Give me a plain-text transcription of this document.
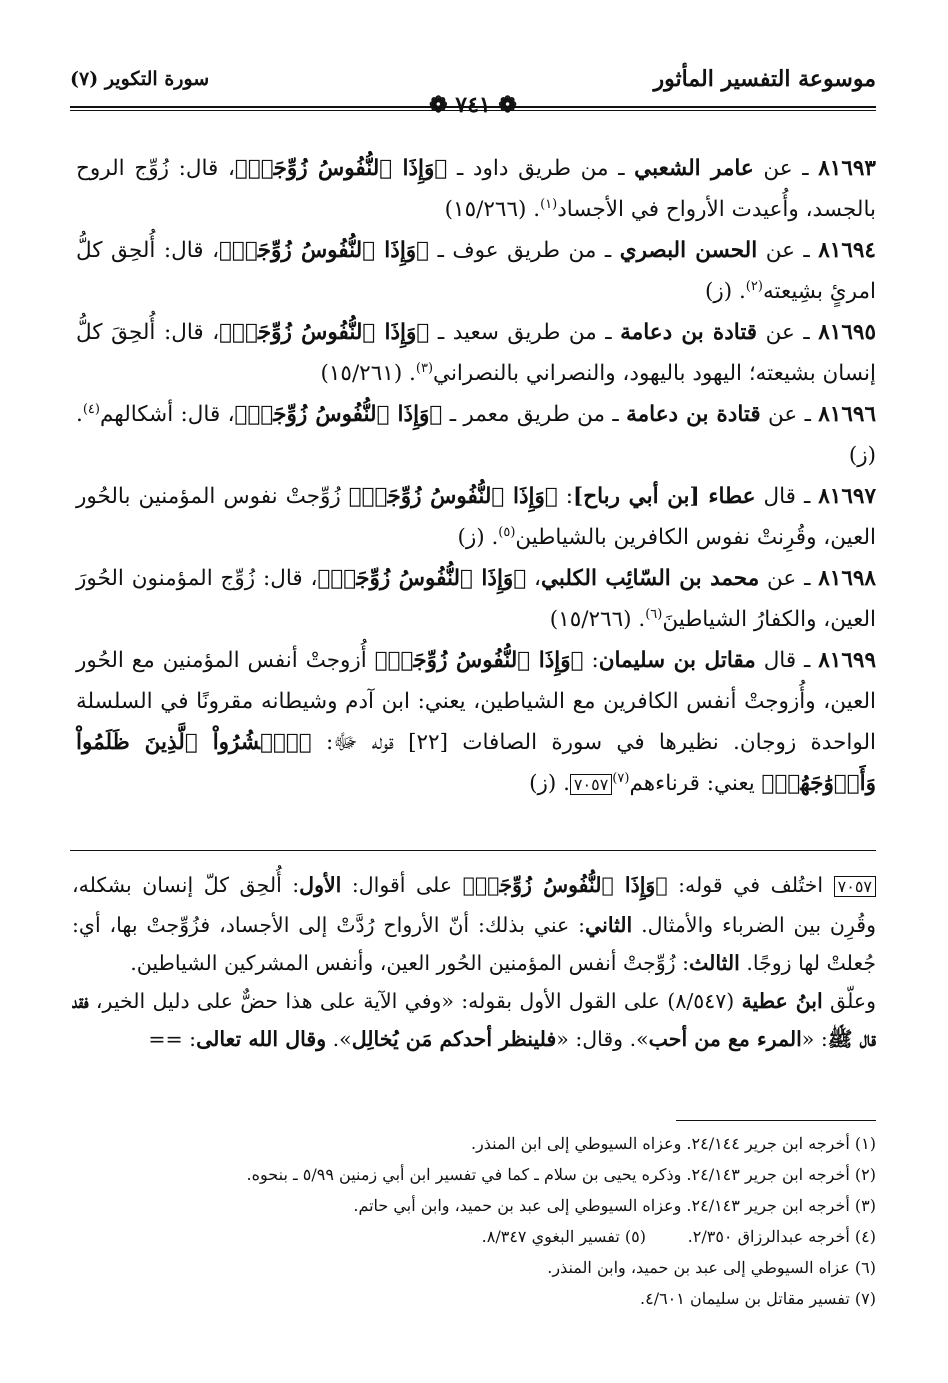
موسوعة التفسير المأثور
❁ ٧٤١ ❁
سورة التكوير (٧)
٨١٦٩٣ ـ عن عامر الشعبي ـ من طريق داود ـ ﴿وَإِذَا ٱلنُّفُوسُ زُوِّجَتۡ﴾، قال: زُوِّج الروح بالجسد، وأُعيدت الأرواح في الأجساد$^{(١)}$. (١٥/٢٦٦)
٨١٦٩٤ ـ عن الحسن البصري ـ من طريق عوف ـ ﴿وَإِذَا ٱلنُّفُوسُ زُوِّجَتۡ﴾، قال: أُلحِق كلُّ امرئٍ بشِيعته$^{(٢)}$. (ز)
٨١٦٩٥ ـ عن قتادة بن دعامة ـ من طريق سعيد ـ ﴿وَإِذَا ٱلنُّفُوسُ زُوِّجَتۡ﴾، قال: أُلحِقَ كلُّ إنسان بشيعته؛ اليهود باليهود، والنصراني بالنصراني$^{(٣)}$. (١٥/٢٦١)
٨١٦٩٦ ـ عن قتادة بن دعامة ـ من طريق معمر ـ ﴿وَإِذَا ٱلنُّفُوسُ زُوِّجَتۡ﴾، قال: أشكالهم$^{(٤)}$. (ز)
٨١٦٩٧ ـ قال عطاء [بن أبي رباح]: ﴿وَإِذَا ٱلنُّفُوسُ زُوِّجَتۡ﴾ زُوِّجتْ نفوس المؤمنين بالحُور العين، وقُرِنتْ نفوس الكافرين بالشياطين$^{(٥)}$. (ز)
٨١٦٩٨ ـ عن محمد بن السّائِب الكلبي، ﴿وَإِذَا ٱلنُّفُوسُ زُوِّجَتۡ﴾، قال: زُوِّج المؤمنون الحُورَ العين، والكفارُ الشياطينَ$^{(٦)}$. (١٥/٢٦٦)
٨١٦٩٩ ـ قال مقاتل بن سليمان: ﴿وَإِذَا ٱلنُّفُوسُ زُوِّجَتۡ﴾ أُزوجتْ أنفس المؤمنين مع الحُور العين، وأُزوجتْ أنفس الكافرين مع الشياطين، يعني: ابن آدم وشيطانه مقرونًا في السلسلة الواحدة زوجان. نظيرها في سورة الصافات [٢٢] قوله ﷻ: ﴿ٱحۡشُرُواْ ٱلَّذِينَ ظَلَمُواْ وَأَزۡوَٰجَهُمۡ﴾ يعني: قرناءهم$^{(٧)}$٧٠٥٧. (ز)
٧٠٥٧ اختُلف في قوله: ﴿وَإِذَا ٱلنُّفُوسُ زُوِّجَتۡ﴾ على أقوال: الأول: أُلحِق كلّ إنسان بشكله، وقُرِن بين الضرباء والأمثال. الثاني: عني بذلك: أنّ الأرواح رُدَّتْ إلى الأجساد، فزُوِّجتْ بها، أي: جُعلتْ لها زوجًا. الثالث: زُوِّجتْ أنفس المؤمنين الحُور العين، وأنفس المشركين الشياطين.
وعلّق ابنُ عطية (٨/٥٤٧) على القول الأول بقوله: «وفي الآية على هذا حضٌّ على دليل الخير، فقد قال ﷺ: «المرء مع من أحب». وقال: «فلينظر أحدكم مَن يُخالِل». وقال الله تعالى: ==
(١) أخرجه ابن جرير ٢٤/١٤٤. وعزاه السيوطي إلى ابن المنذر.
(٢) أخرجه ابن جرير ٢٤/١٤٣. وذكره يحيى بن سلام ـ كما في تفسير ابن أبي زمنين ٥/٩٩ ـ بنحوه.
(٣) أخرجه ابن جرير ٢٤/١٤٣. وعزاه السيوطي إلى عبد بن حميد، وابن أبي حاتم.
(٤) أخرجه عبدالرزاق ٢/٣٥٠.(٥) تفسير البغوي ٨/٣٤٧.
(٦) عزاه السيوطي إلى عبد بن حميد، وابن المنذر.
(٧) تفسير مقاتل بن سليمان ٤/٦٠١.
